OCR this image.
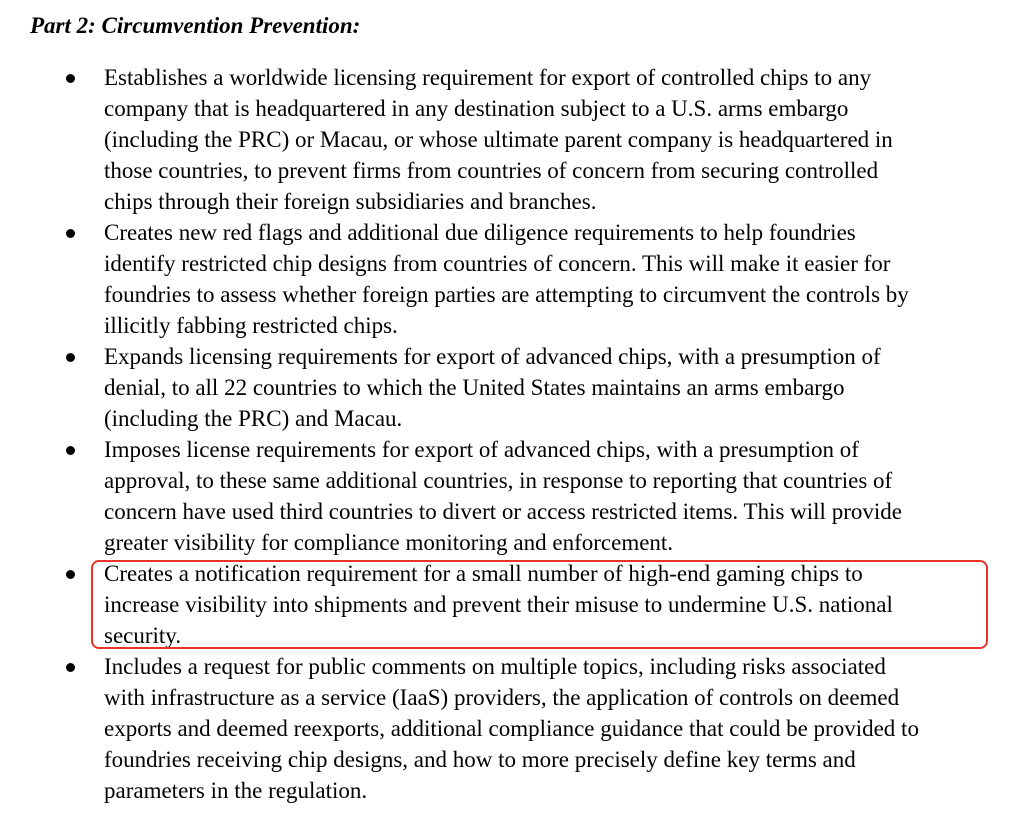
Part 2: Circumvention Prevention:
Establishes a worldwide licensing requirement for export of controlled chips to any
company that is headquartered in any destination subject to a U.S. arms embargo
(including the PRC) or Macau, or whose ultimate parent company is headquartered in
those countries, to prevent firms from countries of concern from securing controlled
chips through their foreign subsidiaries and branches.
Creates new red flags and additional due diligence requirements to help foundries
identify restricted chip designs from countries of concern. This will make it easier for
foundries to assess whether foreign parties are attempting to circumvent the controls by
illicitly fabbing restricted chips.
Expands licensing requirements for export of advanced chips, with a presumption of
denial, to all 22 countries to which the United States maintains an arms embargo
(including the PRC) and Macau.
Imposes license requirements for export of advanced chips, with a presumption of
approval, to these same additional countries, in response to reporting that countries of
concern have used third countries to divert or access restricted items. This will provide
greater visibility for compliance monitoring and enforcement.
Creates a notification requirement for a small number of high-end gaming chips to
increase visibility into shipments and prevent their misuse to undermine U.S. national
security.
Includes a request for public comments on multiple topics, including risks associated
with infrastructure as a service (IaaS) providers, the application of controls on deemed
exports and deemed reexports, additional compliance guidance that could be provided to
foundries receiving chip designs, and how to more precisely define key terms and
parameters in the regulation.
